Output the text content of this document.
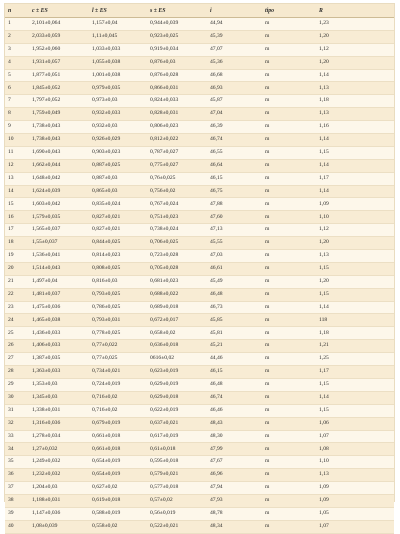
n	c ± ES	l ± ES	s ± ES	i	tipo	R
1	2,101±0,064	1,157±0,04	0,944±0,039	44,94	m	1,23
2	2,033±0,059	1,11±0,045	0,923±0,025	45,39	m	1,20
3	1,952±0,060	1,033±0,033	0,919±0,034	47,07	m	1,12
4	1,931±0,057	1,055±0,038	0,876±0,03	45,36	m	1,20
5	1,877±0,051	1,001±0,038	0,876±0,028	46,68	m	1,14
6	1,845±0,052	0,979±0,035	0,866±0,031	46,93	m	1,13
7	1,797±0,052	0,973±0,03	0,824±0,033	45,87	m	1,18
8	1,759±0,049	0,932±0,033	0,828±0,031	47,04	m	1,13
9	1,738±0,043	0,932±0,03	0,806±0,023	46,39	m	1,16
10	1,738±0,043	0,926±0,029	0,812±0,022	46,74	m	1,14
11	1,690±0,043	0,903±0,023	0,787±0,027	46,55	m	1,15
12	1,662±0,044	0,887±0,025	0,775±0,027	46,64	m	1,14
13	1,648±0,042	0,887±0,03	0,76±0,025	46,15	m	1,17
14	1,624±0,039	0,865±0,03	0,756±0,02	46,75	m	1,14
15	1,603±0,042	0,835±0,024	0,767±0,024	47,88	m	1,09
16	1,579±0,035	0,827±0,021	0,751±0,023	47,60	m	1,10
17	1,565±0,037	0,827±0,021	0,738±0,024	47,13	m	1,12
18	1,55±0,037	0,844±0,025	0,706±0,025	45,55	m	1,20
19	1,536±0,041	0,814±0,023	0,723±0,028	47,03	m	1,13
20	1,514±0,043	0,808±0,025	0,705±0,028	46,61	m	1,15
21	1,497±0,04	0,816±0,03	0,681±0,023	45,49	m	1,20
22	1,481±0,037	0,793±0,025	0,688±0,022	46,48	m	1,15
23	1,475±0,036	0,786±0,025	0,689±0,018	46,73	m	1,14
24	1,465±0,038	0,793±0,031	0,672±0,017	45,85	m	118
25	1,436±0,033	0,778±0,025	0,658±0,02	45,81	m	1,18
26	1,406±0,033	0,77±0,022	0,636±0,018	45,21	m	1,21
27	1,387±0,035	0,77±0,025	0616±0,02	44,46	m	1,25
28	1,363±0,033	0,734±0,021	0,623±0,019	46,15	m	1,17
29	1,353±0,03	0,724±0,019	0,629±0,019	46,48	m	1,15
30	1,345±0,03	0,716±0,02	0,629±0,018	46,74	m	1,14
31	1,338±0,031	0,716±0,02	0,622±0,019	46,46	m	1,15
32	1,316±0,036	0,679±0,019	0,637±0,021	48,43	m	1,06
33	1,278±0,034	0,661±0,018	0,617±0,019	48,30	m	1,07
34	1,27±0,032	0,661±0,018	0,61±0,018	47,99	m	1,08
35	1,249±0,032	0,654±0,019	0,595±0,018	47,67	m	1,10
36	1,232±0,032	0,654±0,019	0,579±0,021	46,96	m	1,13
37	1,204±0,03	0,627±0,02	0,577±0,018	47,94	m	1,09
38	1,188±0,031	0,619±0,018	0,57±0,02	47,93	m	1,09
39	1,147±0,036	0,588±0,019	0,56±0,019	48,78	m	1,05
40	1,08±0,039	0,558±0,02	0,522±0,021	48,34	m	1,07
